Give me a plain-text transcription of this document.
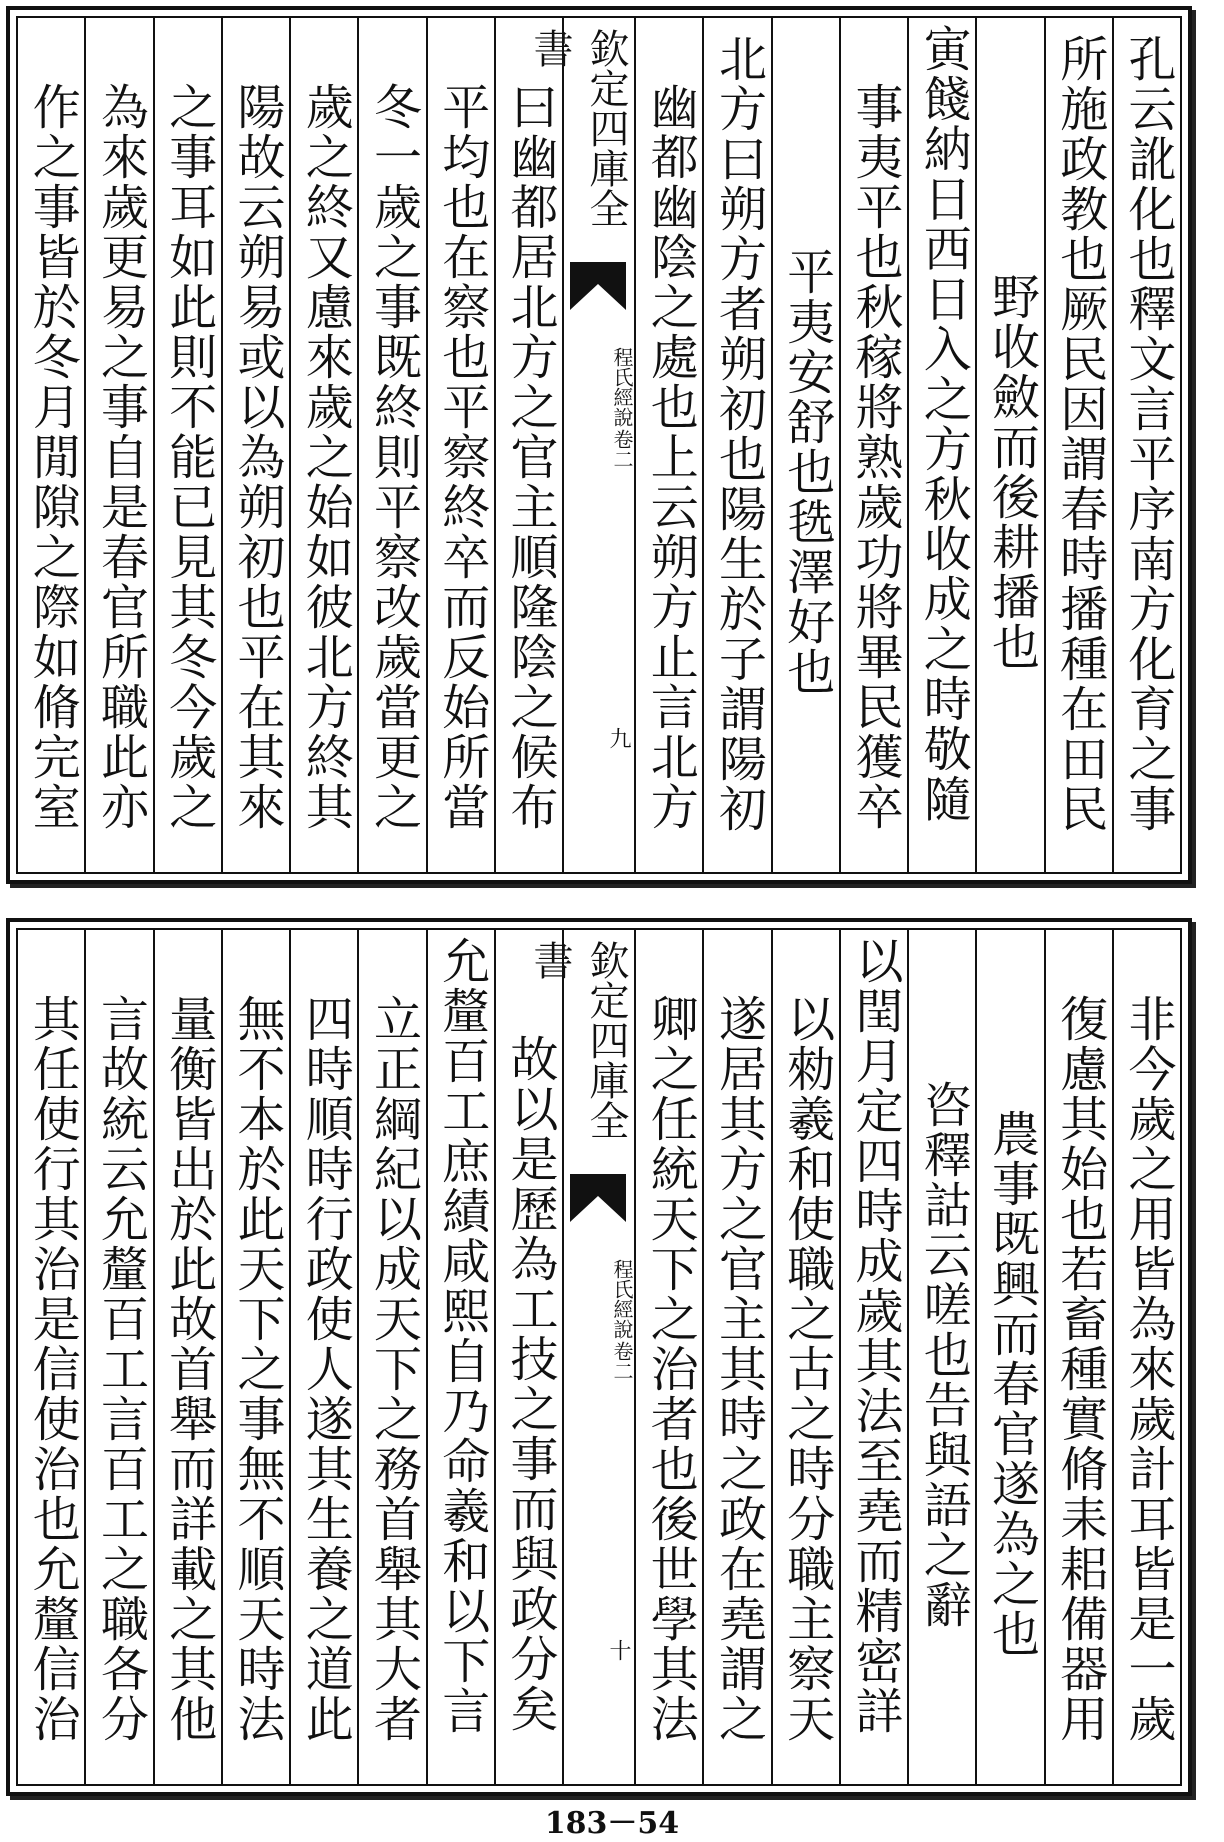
孔云訛化也釋文言平序南方化育之事
所施政教也厥民因謂春時播種在田民
野收斂而後耕播也
寅餞納日西日入之方秋收成之時敬隨
事夷平也秋稼將熟歲功將畢民獲卒
平夷安舒也毨澤好也
北方曰朔方者朔初也陽生於子謂陽初
幽都幽陰之處也上云朔方止言北方
欽定四庫全書
程氏經說
卷二
九
曰幽都居北方之官主順隆陰之候布
平均也在察也平察終卒而反始所當
冬一歲之事既終則平察改歲當更之
歲之終又慮來歲之始如彼北方終其
陽故云朔易或以為朔初也平在其來
之事耳如此則不能已見其冬今歲之
為來歲更易之事自是春官所職此亦
作之事皆於冬月閒隙之際如脩完室
非今歲之用皆為來歲計耳皆是一歲
復慮其始也若畜種實脩耒耜備器用
農事既興而春官遂為之也
咨釋詁云嗟也告與語之辭
以閏月定四時成歲其法至堯而精密詳
以勑羲和使職之古之時分職主察天
遂居其方之官主其時之政在堯謂之
卿之任統天下之治者也後世學其法
欽定四庫全書
程氏經說
卷二
十
故以是歷為工技之事而與政分矣
允釐百工庶績咸熙自乃命羲和以下言
立正綱紀以成天下之務首舉其大者
四時順時行政使人遂其生養之道此
無不本於此天下之事無不順天時法
量衡皆出於此故首舉而詳載之其他
言故統云允釐百工言百工之職各分
其任使行其治是信使治也允釐信治
183－54
